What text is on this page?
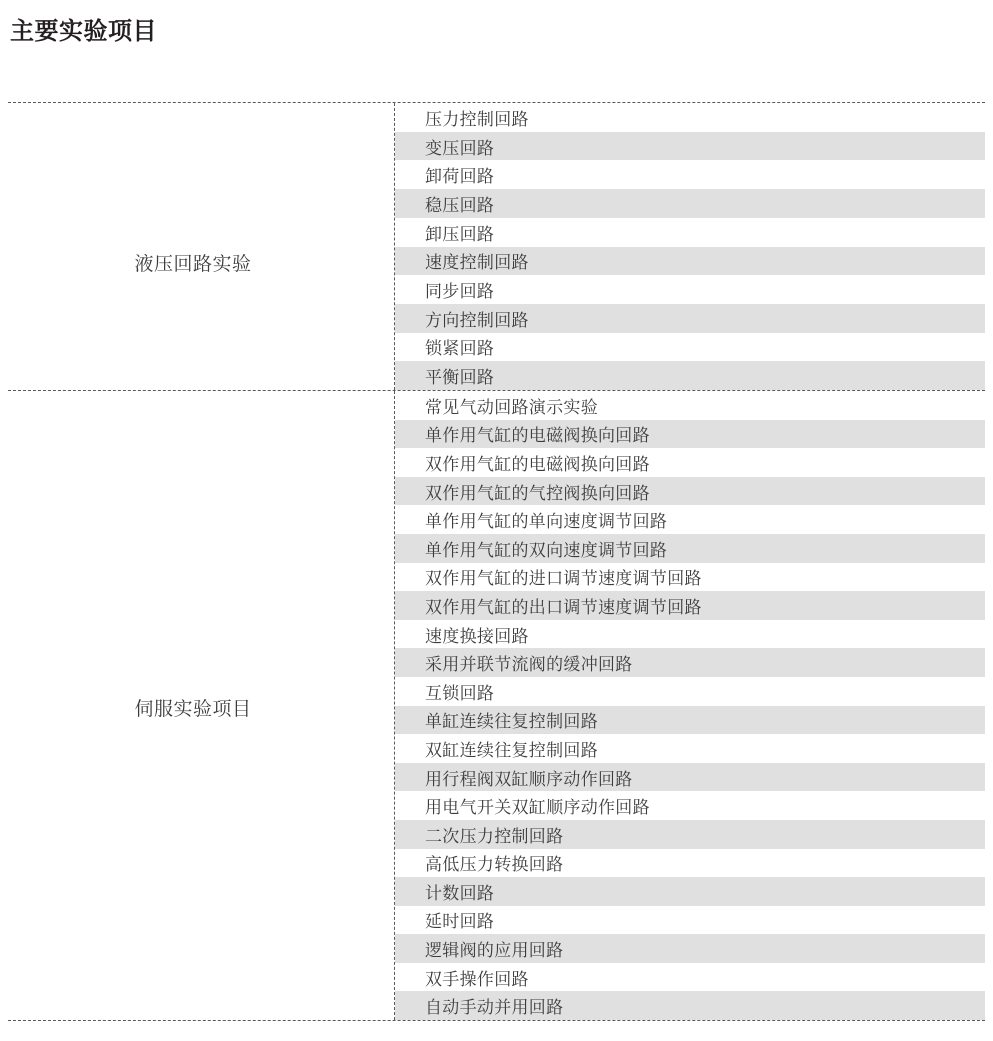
主要实验项目
液压回路实验
压力控制回路
变压回路
卸荷回路
稳压回路
卸压回路
速度控制回路
同步回路
方向控制回路
锁紧回路
平衡回路
伺服实验项目
常见气动回路演示实验
单作用气缸的电磁阀换向回路
双作用气缸的电磁阀换向回路
双作用气缸的气控阀换向回路
单作用气缸的单向速度调节回路
单作用气缸的双向速度调节回路
双作用气缸的进口调节速度调节回路
双作用气缸的出口调节速度调节回路
速度换接回路
采用并联节流阀的缓冲回路
互锁回路
单缸连续往复控制回路
双缸连续往复控制回路
用行程阀双缸顺序动作回路
用电气开关双缸顺序动作回路
二次压力控制回路
高低压力转换回路
计数回路
延时回路
逻辑阀的应用回路
双手操作回路
自动手动并用回路
